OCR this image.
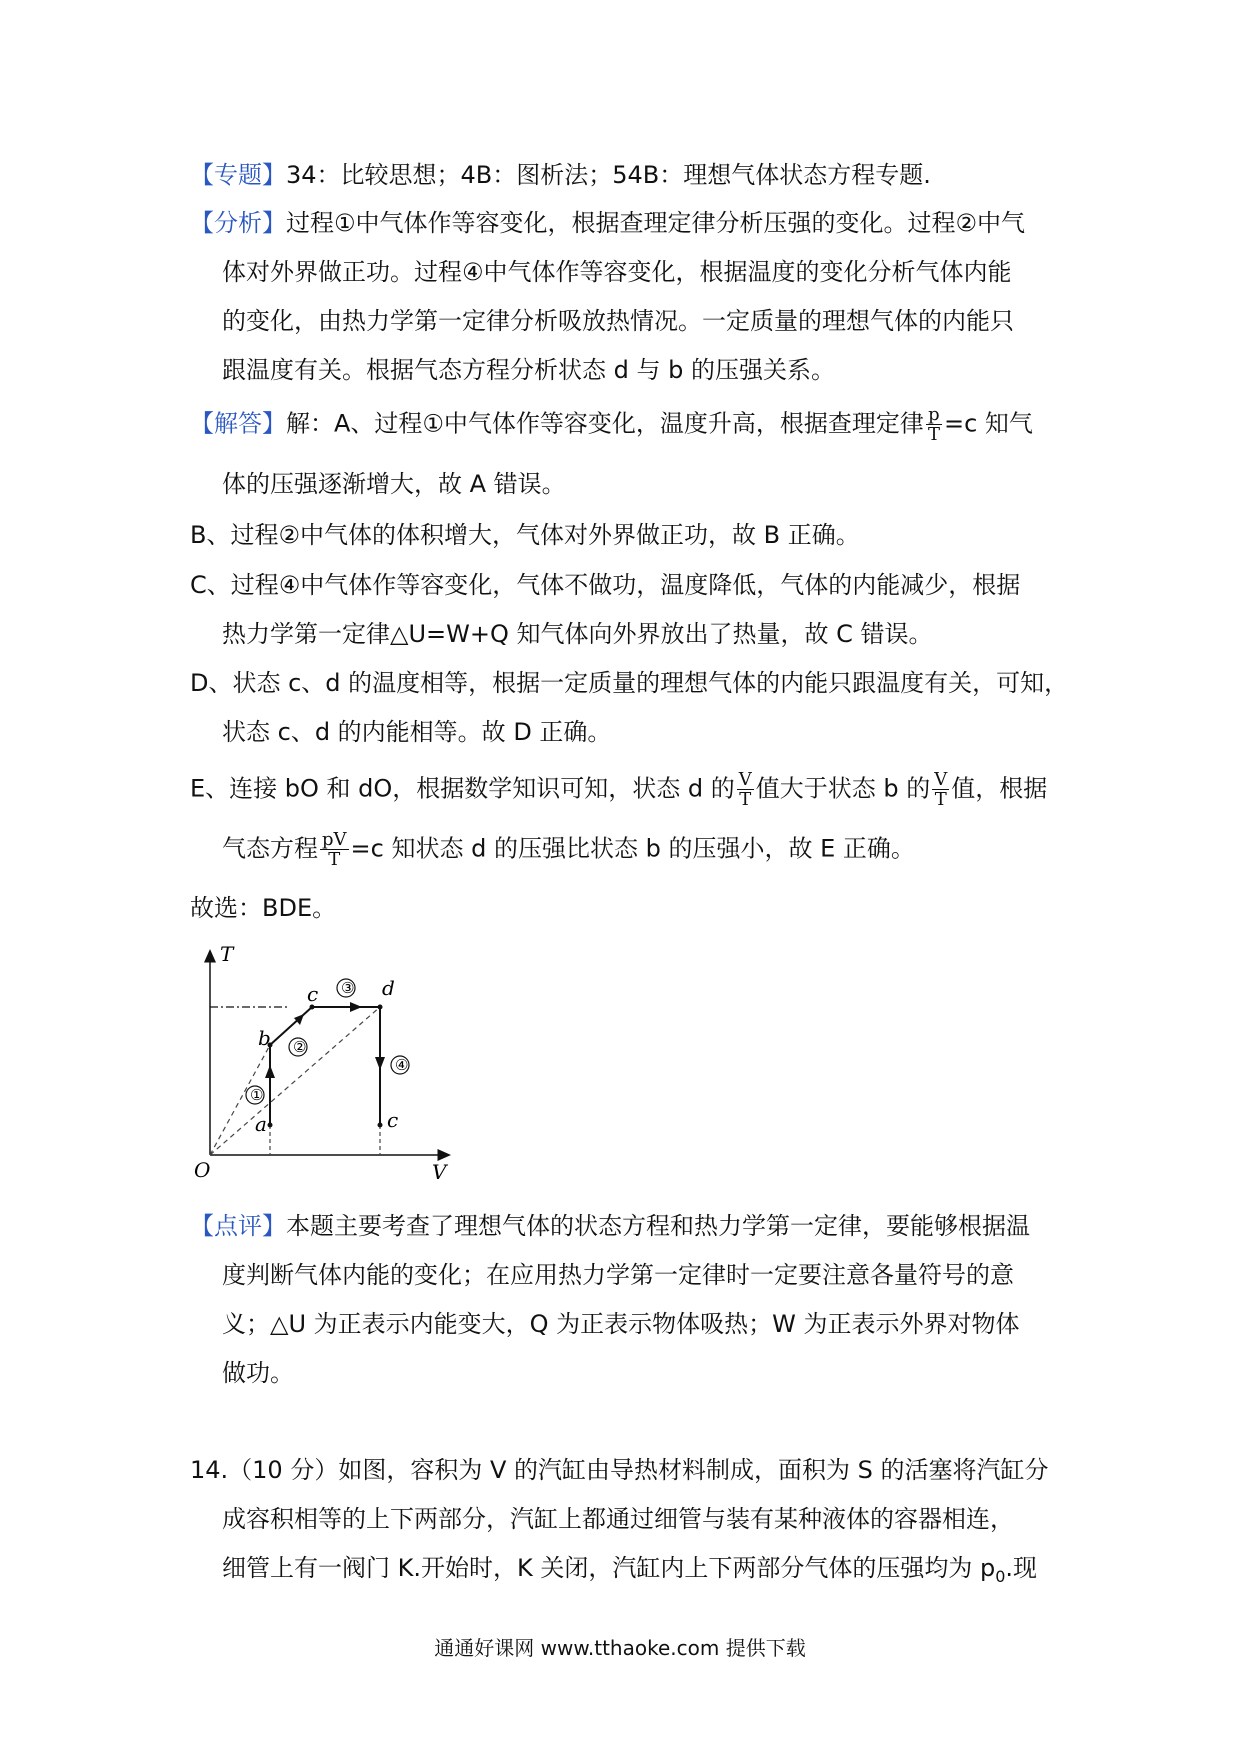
【专题】34：比较思想；4B：图析法；54B：理想气体状态方程专题.
【分析】过程①中气体作等容变化，根据查理定律分析压强的变化。过程②中气
体对外界做正功。过程④中气体作等容变化，根据温度的变化分析气体内能
的变化，由热力学第一定律分析吸放热情况。一定质量的理想气体的内能只
跟温度有关。根据气态方程分析状态 d 与 b 的压强关系。
【解答】解：A、过程①中气体作等容变化，温度升高，根据查理定律 $\frac{p}{T} =c$ 知气
体的压强逐渐增大，故 A 错误。
B、过程②中气体的体积增大，气体对外界做正功，故 B 正确。
C、过程④中气体作等容变化，气体不做功，温度降低，气体的内能减少，根据
热力学第一定律△U=W+Q 知气体向外界放出了热量，故 C 错误。
D、状态 c、d 的温度相等，根据一定质量的理想气体的内能只跟温度有关，可知，
状态 c、d 的内能相等。故 D 正确。
E、连接 bO 和 dO，根据数学知识可知，状态 d 的 $\frac{V}{T}$ 值大于状态 b 的 $\frac{V}{T}$ 值，根据
气态方程 $\frac{pV}{T} =c$ 知状态 d 的压强比状态 b 的压强小，故 E 正确。
故选：BDE。
T
V
O
a
b
c	d
c
①
②
③
④
【点评】本题主要考查了理想气体的状态方程和热力学第一定律，要能够根据温
度判断气体内能的变化；在应用热力学第一定律时一定要注意各量符号的意
义；△U 为正表示内能变大，Q 为正表示物体吸热；W 为正表示外界对物体
做功。
14.（10 分）如图，容积为 V 的汽缸由导热材料制成，面积为 S 的活塞将汽缸分
成容积相等的上下两部分，汽缸上都通过细管与装有某种液体的容器相连，
细管上有一阀门 K.开始时，K 关闭，汽缸内上下两部分气体的压强均为 $p_0$.现
通通好课网 www.tthaoke.com 提供下载
